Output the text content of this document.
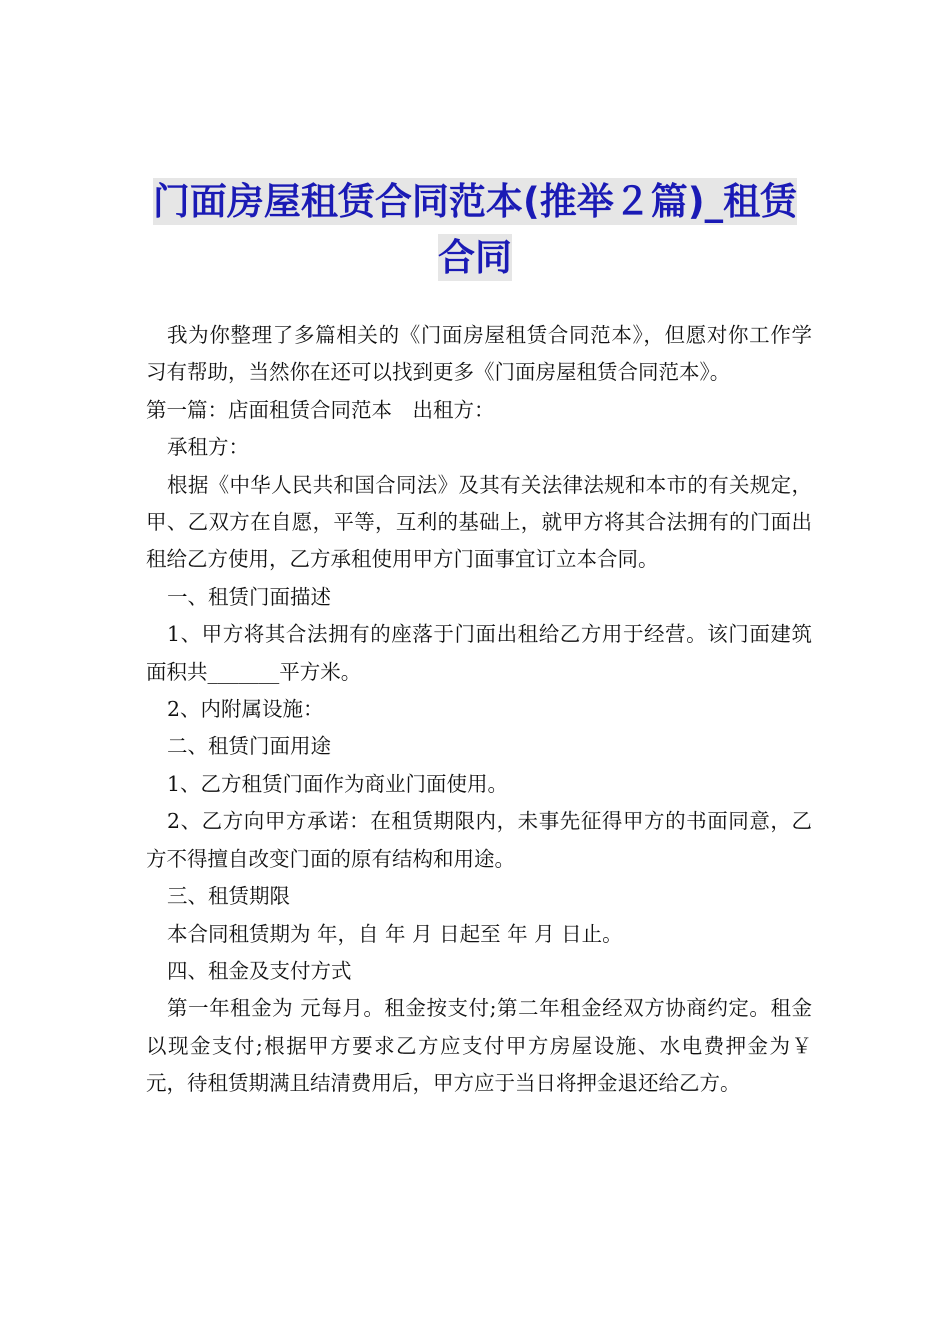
门面房屋租赁合同范本(推举２篇)_租赁合同

我为你整理了多篇相关的《门面房屋租赁合同范本》，但愿对你工作学习有帮助，当然你在还可以找到更多《门面房屋租赁合同范本》。

第一篇：店面租赁合同范本　出租方：

承租方：

根据《中华人民共和国合同法》及其有关法律法规和本市的有关规定，甲、乙双方在自愿，平等，互利的基础上，就甲方将其合法拥有的门面出租给乙方使用，乙方承租使用甲方门面事宜订立本合同。

一、租赁门面描述

1、甲方将其合法拥有的座落于门面出租给乙方用于经营。该门面建筑面积共_______平方米。

2、内附属设施：

二、租赁门面用途

1、乙方租赁门面作为商业门面使用。

2、乙方向甲方承诺：在租赁期限内，未事先征得甲方的书面同意，乙方不得擅自改变门面的原有结构和用途。

三、租赁期限

本合同租赁期为 年，自 年 月 日起至 年 月 日止。

四、租金及支付方式

第一年租金为 元每月。租金按支付;第二年租金经双方协商约定。租金以现金支付;根据甲方要求乙方应支付甲方房屋设施、水电费押金为￥ 元，待租赁期满且结清费用后，甲方应于当日将押金退还给乙方。
